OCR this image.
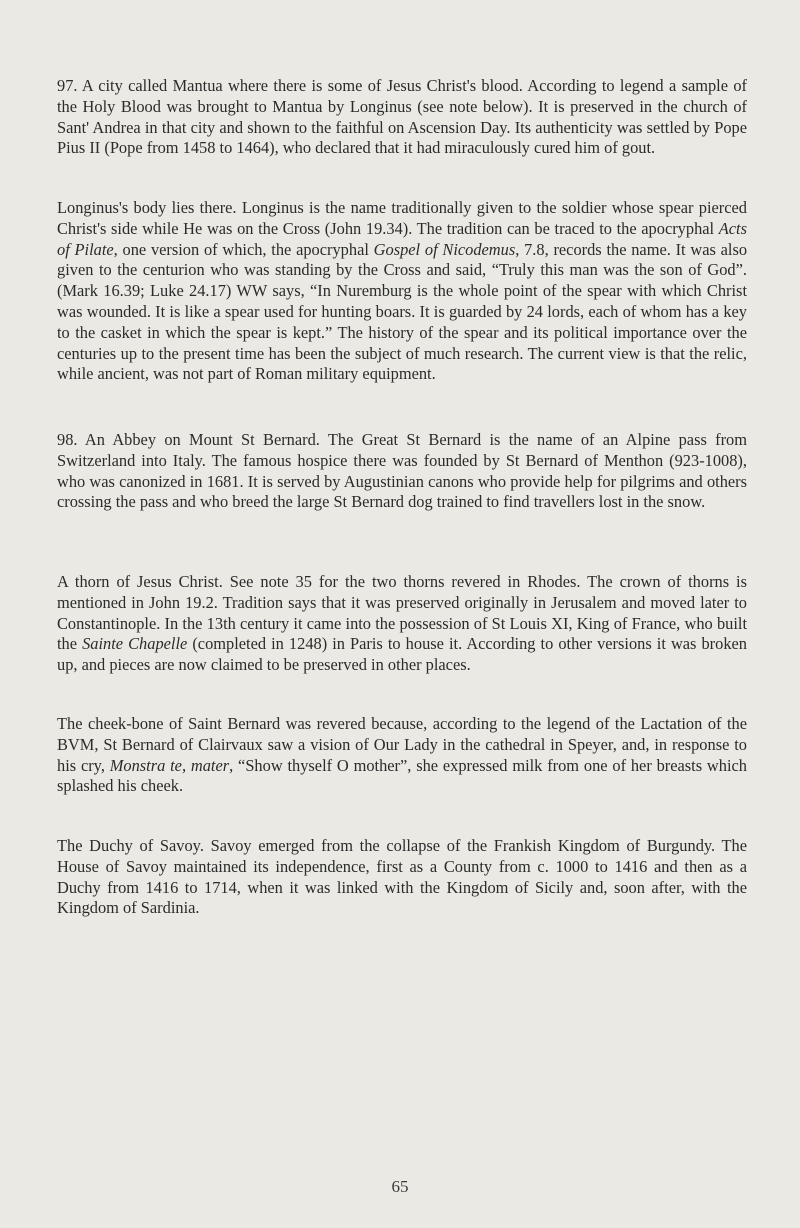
97. A city called Mantua where there is some of Jesus Christ's blood. According to legend a sample of the Holy Blood was brought to Mantua by Longinus (see note below). It is preserved in the church of Sant' Andrea in that city and shown to the faithful on Ascension Day. Its authenticity was settled by Pope Pius II (Pope from 1458 to 1464), who declared that it had miraculously cured him of gout.

Longinus's body lies there. Longinus is the name traditionally given to the soldier whose spear pierced Christ's side while He was on the Cross (John 19.34). The tradition can be traced to the apocryphal Acts of Pilate, one version of which, the apocryphal Gospel of Nicodemus, 7.8, records the name. It was also given to the centurion who was standing by the Cross and said, “Truly this man was the son of God”. (Mark 16.39; Luke 24.17) WW says, “In Nuremburg is the whole point of the spear with which Christ was wounded. It is like a spear used for hunting boars. It is guarded by 24 lords, each of whom has a key to the casket in which the spear is kept.” The history of the spear and its political importance over the centuries up to the present time has been the subject of much research. The current view is that the relic, while ancient, was not part of Roman military equipment.

98. An Abbey on Mount St Bernard. The Great St Bernard is the name of an Alpine pass from Switzerland into Italy. The famous hospice there was founded by St Bernard of Menthon (923-1008), who was canonized in 1681. It is served by Augustinian canons who provide help for pilgrims and others crossing the pass and who breed the large St Bernard dog trained to find travellers lost in the snow.

A thorn of Jesus Christ. See note 35 for the two thorns revered in Rhodes. The crown of thorns is mentioned in John 19.2. Tradition says that it was preserved originally in Jerusalem and moved later to Constantinople. In the 13th century it came into the possession of St Louis XI, King of France, who built the Sainte Chapelle (completed in 1248) in Paris to house it. According to other versions it was broken up, and pieces are now claimed to be preserved in other places.

The cheek-bone of Saint Bernard was revered because, according to the legend of the Lactation of the BVM, St Bernard of Clairvaux saw a vision of Our Lady in the cathedral in Speyer, and, in response to his cry, Monstra te, mater, “Show thyself O mother”, she expressed milk from one of her breasts which splashed his cheek.

The Duchy of Savoy. Savoy emerged from the collapse of the Frankish Kingdom of Burgundy. The House of Savoy maintained its independence, first as a County from c. 1000 to 1416 and then as a Duchy from 1416 to 1714, when it was linked with the Kingdom of Sicily and, soon after, with the Kingdom of Sardinia.

65
